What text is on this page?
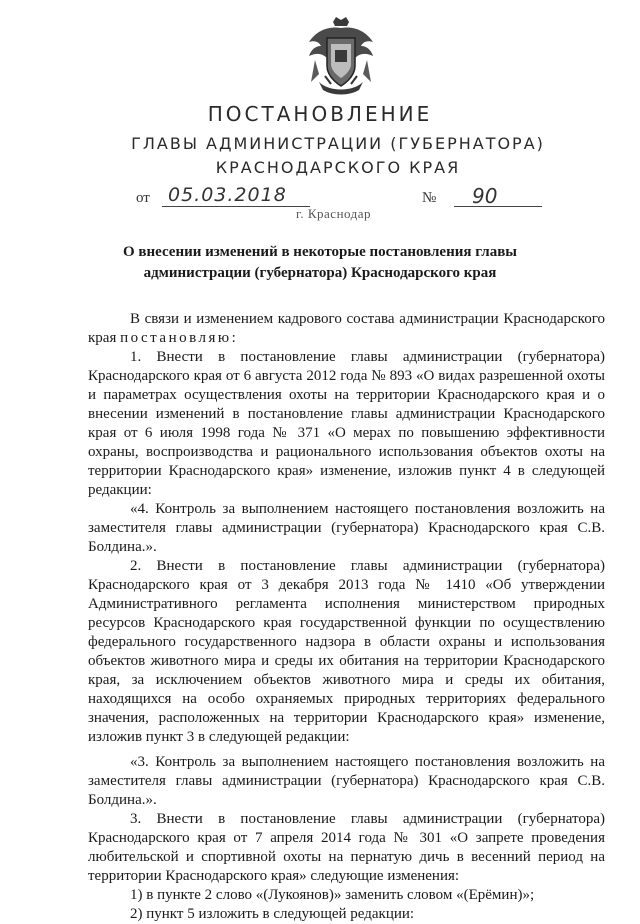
ПОСТАНОВЛЕНИЕ
ГЛАВЫ АДМИНИСТРАЦИИ (ГУБЕРНАТОРА)
КРАСНОДАРСКОГО КРАЯ
от 05.03.2018	№ 90
г. Краснодар
О внесении изменений в некоторые постановления главы администрации (губернатора) Краснодарского края

В связи и изменением кадрового состава администрации Краснодарского края постановляю:

1. Внести в постановление главы администрации (губернатора) Краснодарского края от 6 августа 2012 года № 893 «О видах разрешенной охоты и параметрах осуществления охоты на территории Краснодарского края и о внесении изменений в постановление главы администрации Краснодарского края от 6 июля 1998 года № 371 «О мерах по повышению эффективности охраны, воспроизводства и рационального использования объектов охоты на территории Краснодарского края» изменение, изложив пункт 4 в следующей редакции:

«4. Контроль за выполнением настоящего постановления возложить на заместителя главы администрации (губернатора) Краснодарского края С.В. Болдина.».

2. Внести в постановление главы администрации (губернатора) Краснодарского края от 3 декабря 2013 года № 1410 «Об утверждении Административного регламента исполнения министерством природных ресурсов Краснодарского края государственной функции по осуществлению федерального государственного надзора в области охраны и использования объектов животного мира и среды их обитания на территории Краснодарского края, за исключением объектов животного мира и среды их обитания, находящихся на особо охраняемых природных территориях федерального значения, расположенных на территории Краснодарского края» изменение, изложив пункт 3 в следующей редакции:

«3. Контроль за выполнением настоящего постановления возложить на заместителя главы администрации (губернатора) Краснодарского края С.В. Болдина.».

3. Внести в постановление главы администрации (губернатора) Краснодарского края от 7 апреля 2014 года № 301 «О запрете проведения любительской и спортивной охоты на пернатую дичь в весенний период на территории Краснодарского края» следующие изменения:

1) в пункте 2 слово «(Лукоянов)» заменить словом «(Ерёмин)»;

2) пункт 5 изложить в следующей редакции:
